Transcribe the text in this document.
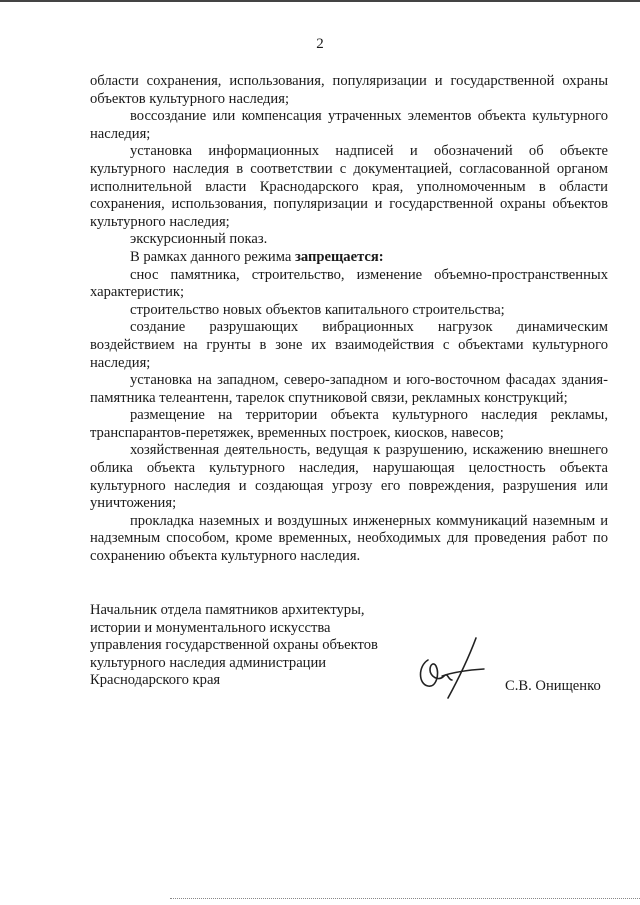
2

области сохранения, использования, популяризации и государственной охраны объектов культурного наследия;

воссоздание или компенсация утраченных элементов объекта культурного наследия;

установка информационных надписей и обозначений об объекте культурного наследия в соответствии с документацией, согласованной органом исполнительной власти Краснодарского края, уполномоченным в области сохранения, использования, популяризации и государственной охраны объектов культурного наследия;

экскурсионный показ.

В рамках данного режима запрещается:

снос памятника, строительство, изменение объемно-пространственных характеристик;

строительство новых объектов капитального строительства;

создание разрушающих вибрационных нагрузок динамическим воздействием на грунты в зоне их взаимодействия с объектами культурного наследия;

установка на западном, северо-западном и юго-восточном фасадах здания-памятника телеантенн, тарелок спутниковой связи, рекламных конструкций;

размещение на территории объекта культурного наследия рекламы, транспарантов-перетяжек, временных построек, киосков, навесов;

хозяйственная деятельность, ведущая к разрушению, искажению внешнего облика объекта культурного наследия, нарушающая целостность объекта культурного наследия и создающая угрозу его повреждения, разрушения или уничтожения;

прокладка наземных и воздушных инженерных коммуникаций наземным и надземным способом, кроме временных, необходимых для проведения работ по сохранению объекта культурного наследия.

Начальник отдела памятников архитектуры,
истории и монументального искусства
управления государственной охраны объектов
культурного наследия администрации
Краснодарского края	С.В. Онищенко
